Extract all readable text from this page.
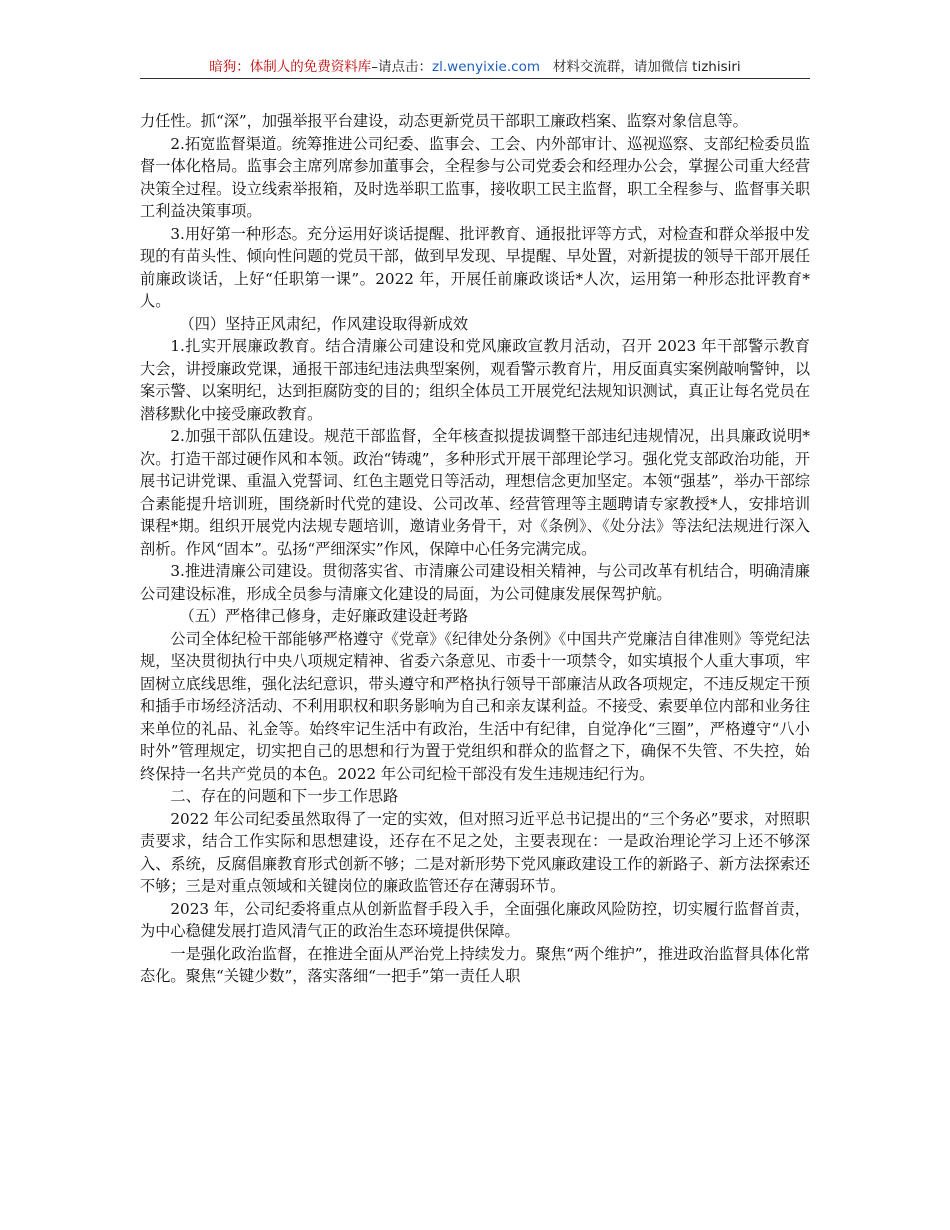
暗狗：体制人的免费资料库–请点击：zl.wenyixie.com 材料交流群，请加微信 tizhisiri

力任性。抓“深”，加强举报平台建设，动态更新党员干部职工廉政档案、监察对象信息等。

2.拓宽监督渠道。统筹推进公司纪委、监事会、工会、内外部审计、巡视巡察、支部纪检委员监督一体化格局。监事会主席列席参加董事会，全程参与公司党委会和经理办公会，掌握公司重大经营决策全过程。设立线索举报箱，及时选举职工监事，接收职工民主监督，职工全程参与、监督事关职工利益决策事项。

3.用好第一种形态。充分运用好谈话提醒、批评教育、通报批评等方式，对检查和群众举报中发现的有苗头性、倾向性问题的党员干部，做到早发现、早提醒、早处置，对新提拔的领导干部开展任前廉政谈话，上好“任职第一课”。2022 年，开展任前廉政谈话*人次，运用第一种形态批评教育*人。

（四）坚持正风肃纪，作风建设取得新成效

1.扎实开展廉政教育。结合清廉公司建设和党风廉政宣教月活动，召开 2023 年干部警示教育大会，讲授廉政党课，通报干部违纪违法典型案例，观看警示教育片，用反面真实案例敲响警钟，以案示警、以案明纪，达到拒腐防变的目的；组织全体员工开展党纪法规知识测试，真正让每名党员在潜移默化中接受廉政教育。

2.加强干部队伍建设。规范干部监督，全年核查拟提拔调整干部违纪违规情况，出具廉政说明*次。打造干部过硬作风和本领。政治“铸魂”，多种形式开展干部理论学习。强化党支部政治功能，开展书记讲党课、重温入党誓词、红色主题党日等活动，理想信念更加坚定。本领“强基”，举办干部综合素能提升培训班，围绕新时代党的建设、公司改革、经营管理等主题聘请专家教授*人，安排培训课程*期。组织开展党内法规专题培训，邀请业务骨干，对《条例》、《处分法》等法纪法规进行深入剖析。作风“固本”。弘扬“严细深实”作风，保障中心任务完满完成。

3.推进清廉公司建设。贯彻落实省、市清廉公司建设相关精神，与公司改革有机结合，明确清廉公司建设标准，形成全员参与清廉文化建设的局面，为公司健康发展保驾护航。

（五）严格律己修身，走好廉政建设赶考路

公司全体纪检干部能够严格遵守《党章》《纪律处分条例》《中国共产党廉洁自律准则》等党纪法规，坚决贯彻执行中央八项规定精神、省委六条意见、市委十一项禁令，如实填报个人重大事项，牢固树立底线思维，强化法纪意识，带头遵守和严格执行领导干部廉洁从政各项规定，不违反规定干预和插手市场经济活动、不利用职权和职务影响为自己和亲友谋利益。不接受、索要单位内部和业务往来单位的礼品、礼金等。始终牢记生活中有政治，生活中有纪律，自觉净化“三圈”，严格遵守“八小时外”管理规定，切实把自己的思想和行为置于党组织和群众的监督之下，确保不失管、不失控，始终保持一名共产党员的本色。2022 年公司纪检干部没有发生违规违纪行为。

二、存在的问题和下一步工作思路

2022 年公司纪委虽然取得了一定的实效，但对照习近平总书记提出的“三个务必”要求，对照职责要求，结合工作实际和思想建设，还存在不足之处，主要表现在：一是政治理论学习上还不够深入、系统，反腐倡廉教育形式创新不够；二是对新形势下党风廉政建设工作的新路子、新方法探索还不够；三是对重点领域和关键岗位的廉政监管还存在薄弱环节。

2023 年，公司纪委将重点从创新监督手段入手，全面强化廉政风险防控，切实履行监督首责，为中心稳健发展打造风清气正的政治生态环境提供保障。

一是强化政治监督，在推进全面从严治党上持续发力。聚焦“两个维护”，推进政治监督具体化常态化。聚焦“关键少数”，落实落细“一把手”第一责任人职
